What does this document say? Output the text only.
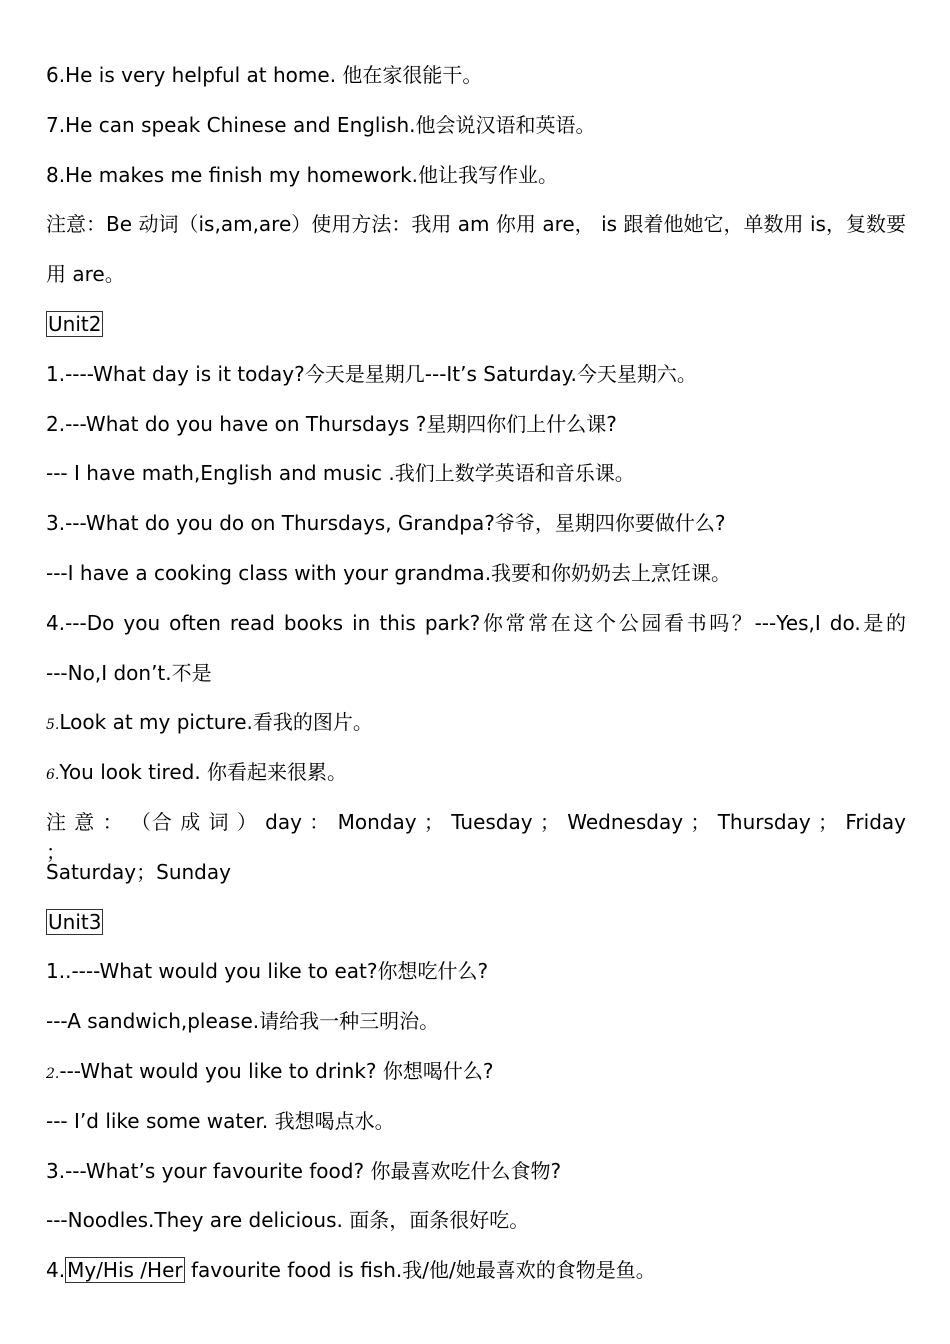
6.He is very helpful at home. 他在家很能干。
7.He can speak Chinese and English.他会说汉语和英语。
8.He makes me finish my homework.他让我写作业。
注意：Be 动词（is,am,are）使用方法：我用 am 你用 are， is 跟着他她它，单数用 is，复数要
用 are。
Unit2
1.----What day is it today?今天是星期几---It’s Saturday.今天星期六。
2.---What do you have on Thursdays ?星期四你们上什么课?
--- I have math,English and music .我们上数学英语和音乐课。
3.---What do you do on Thursdays, Grandpa?爷爷，星期四你要做什么?
---I have a cooking class with your grandma.我要和你奶奶去上烹饪课。
4.---Do you often read books in this park?你常常在这个公园看书吗？---Yes,I do.是的
---No,I don’t.不是
5.Look at my picture.看我的图片。
6.You look tired. 你看起来很累。
注 意 ： （合 成 词 ） day ： Monday ； Tuesday ； Wednesday ； Thursday ； Friday ；
Saturday；Sunday
Unit3
1..----What would you like to eat?你想吃什么?
---A sandwich,please.请给我一种三明治。
2.---What would you like to drink? 你想喝什么?
--- I’d like some water. 我想喝点水。
3.---What’s your favourite food? 你最喜欢吃什么食物?
---Noodles.They are delicious. 面条，面条很好吃。
4. My/His /Her favourite food is fish.我/他/她最喜欢的食物是鱼。
